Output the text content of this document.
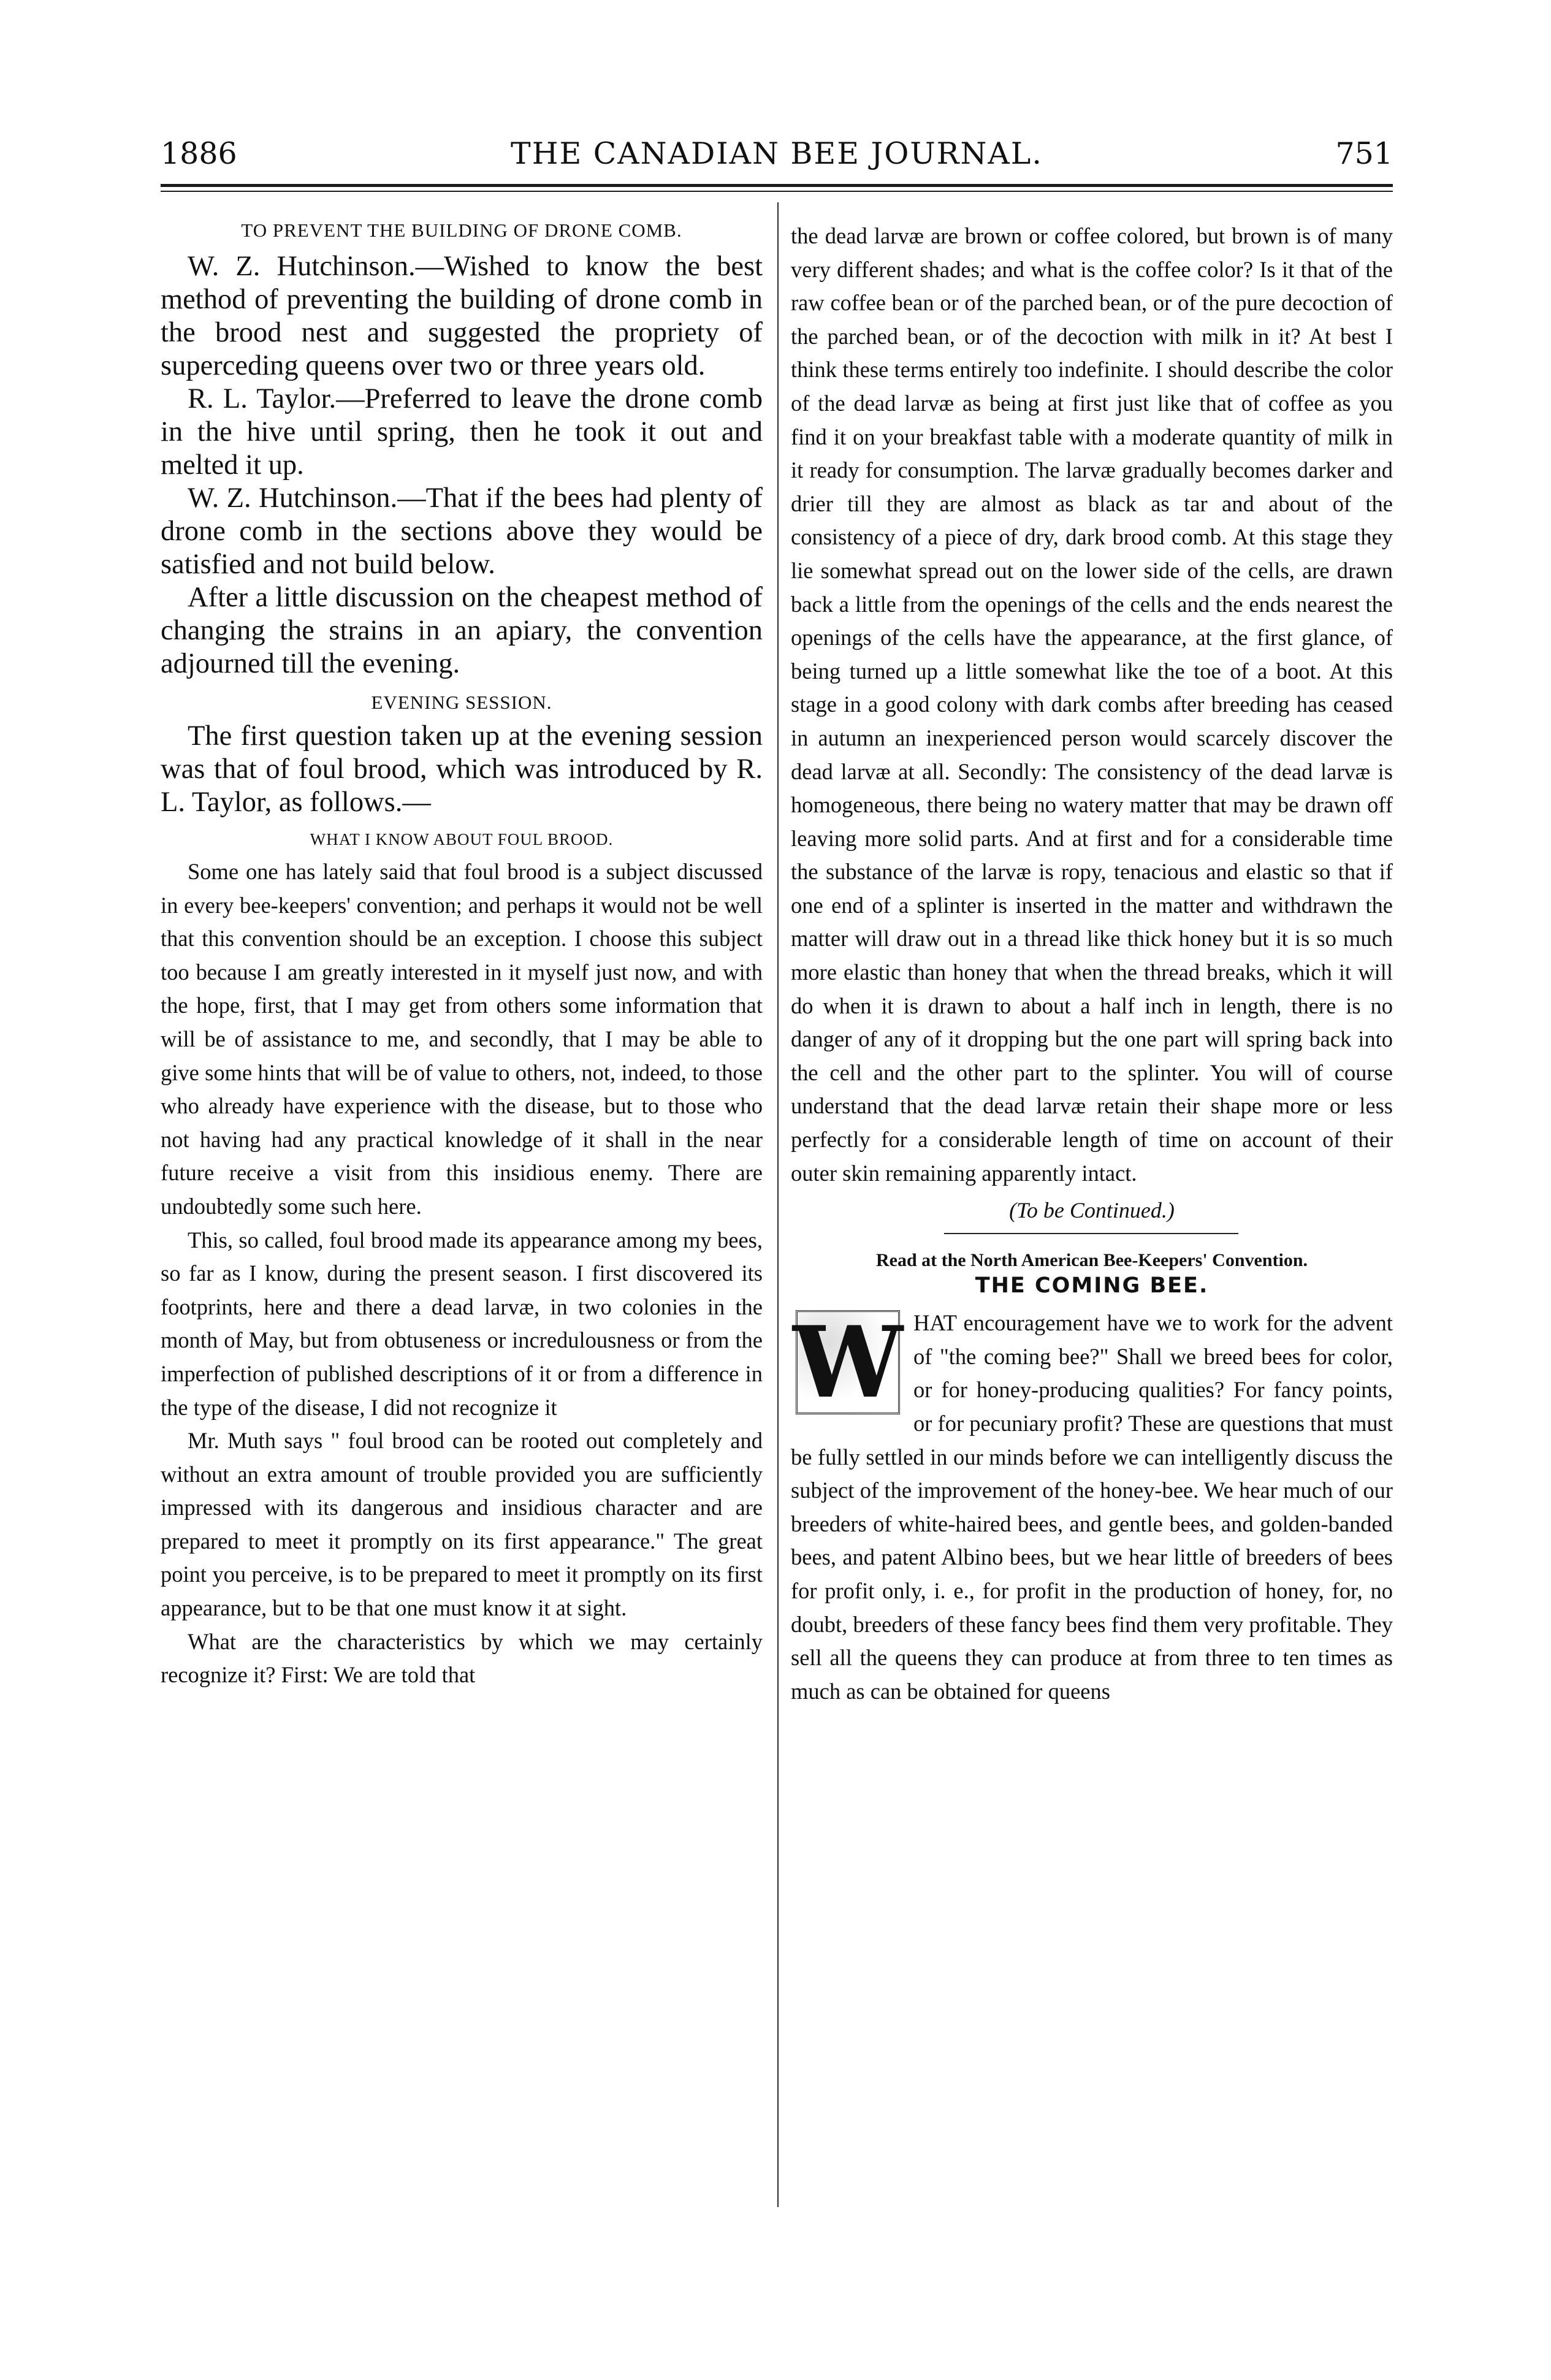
1886	THE CANADIAN BEE JOURNAL.	751
TO PREVENT THE BUILDING OF DRONE COMB.

W. Z. Hutchinson.—Wished to know the best method of preventing the building of drone comb in the brood nest and suggested the propriety of superceding queens over two or three years old.

R. L. Taylor.—Preferred to leave the drone comb in the hive until spring, then he took it out and melted it up.

W. Z. Hutchinson.—That if the bees had plenty of drone comb in the sections above they would be satisfied and not build below.

After a little discussion on the cheapest method of changing the strains in an apiary, the convention adjourned till the evening.

EVENING SESSION.

The first question taken up at the evening session was that of foul brood, which was introduced by R. L. Taylor, as follows.—

WHAT I KNOW ABOUT FOUL BROOD.

Some one has lately said that foul brood is a subject discussed in every bee-keepers' convention; and perhaps it would not be well that this convention should be an exception. I choose this subject too because I am greatly interested in it myself just now, and with the hope, first, that I may get from others some information that will be of assistance to me, and secondly, that I may be able to give some hints that will be of value to others, not, indeed, to those who already have experience with the disease, but to those who not having had any practical knowledge of it shall in the near future receive a visit from this insidious enemy. There are undoubtedly some such here.

This, so called, foul brood made its appearance among my bees, so far as I know, during the present season. I first discovered its footprints, here and there a dead larvæ, in two colonies in the month of May, but from obtuseness or incredulousness or from the imperfection of published descriptions of it or from a difference in the type of the disease, I did not recognize it

Mr. Muth says " foul brood can be rooted out completely and without an extra amount of trouble provided you are sufficiently impressed with its dangerous and insidious character and are prepared to meet it promptly on its first appearance." The great point you perceive, is to be prepared to meet it promptly on its first appearance, but to be that one must know it at sight.

What are the characteristics by which we may certainly recognize it? First: We are told that

the dead larvæ are brown or coffee colored, but brown is of many very different shades; and what is the coffee color? Is it that of the raw coffee bean or of the parched bean, or of the pure decoction of the parched bean, or of the decoction with milk in it? At best I think these terms entirely too indefinite. I should describe the color of the dead larvæ as being at first just like that of coffee as you find it on your breakfast table with a moderate quantity of milk in it ready for consumption. The larvæ gradually becomes darker and drier till they are almost as black as tar and about of the consistency of a piece of dry, dark brood comb. At this stage they lie somewhat spread out on the lower side of the cells, are drawn back a little from the openings of the cells and the ends nearest the openings of the cells have the appearance, at the first glance, of being turned up a little somewhat like the toe of a boot. At this stage in a good colony with dark combs after breeding has ceased in autumn an inexperienced person would scarcely discover the dead larvæ at all. Secondly: The consistency of the dead larvæ is homogeneous, there being no watery matter that may be drawn off leaving more solid parts. And at first and for a considerable time the substance of the larvæ is ropy, tenacious and elastic so that if one end of a splinter is inserted in the matter and withdrawn the matter will draw out in a thread like thick honey but it is so much more elastic than honey that when the thread breaks, which it will do when it is drawn to about a half inch in length, there is no danger of any of it dropping but the one part will spring back into the cell and the other part to the splinter. You will of course understand that the dead larvæ retain their shape more or less perfectly for a considerable length of time on account of their outer skin remaining apparently intact.

(To be Continued.)
Read at the North American Bee-Keepers' Convention.
THE COMING BEE.

W HAT encouragement have we to work for the advent of "the coming bee?" Shall we breed bees for color, or for honey-producing qualities? For fancy points, or for pecuniary profit? These are questions that must be fully settled in our minds before we can intelligently discuss the subject of the improvement of the honey-bee. We hear much of our breeders of white-haired bees, and gentle bees, and golden-banded bees, and patent Albino bees, but we hear little of breeders of bees for profit only, i. e., for profit in the production of honey, for, no doubt, breeders of these fancy bees find them very profitable. They sell all the queens they can produce at from three to ten times as much as can be obtained for queens
